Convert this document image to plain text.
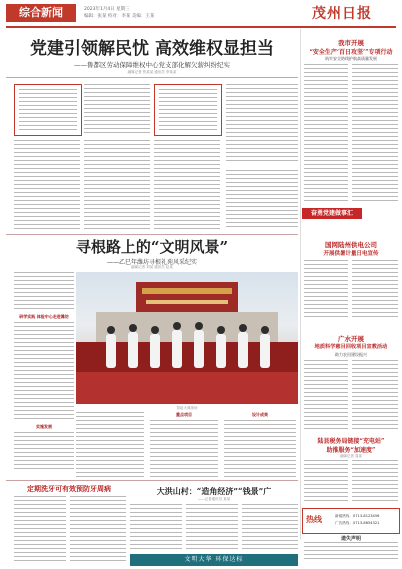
综合新闻	2023年1月4日 星期三
编辑：张某 校对：李某 美编：王某	茂州日报
党建引领解民忧 高效维权显担当
——鲁都区劳动保障维权中心党支部化解欠薪纠纷纪实
融媒记者 张某某 通讯员 李某某
我市开展
“安全生产‘百日攻坚’”专项行动
筑牢安全防线护航高质量发展
奋勇党建做事汇
国网陆州供电公司
开展供暑计量日电宣传
广水开展
地质科学慈目回收项目宣教活动
助力农田建设振兴
陆县税务局链接“充电站”
助推服务“加速度”
融媒记者 周某
热线	新闻热线：0713-8123456
广告热线：0713-8654321
遗失声明
寻根路上的“文明风景”
——乙巳年潍坊寻根礼苑风采纪实
融媒记者 刘某 通讯员 赵某
研学实践 体验中心走进潍坊
实施发展
祭祖大典现场
重点项目	设计成果
定期洗牙可有效预防牙周病	大洪山村：“造角经济”“钱景”广
——记者通讯员 某某
文明大华 环保达标
